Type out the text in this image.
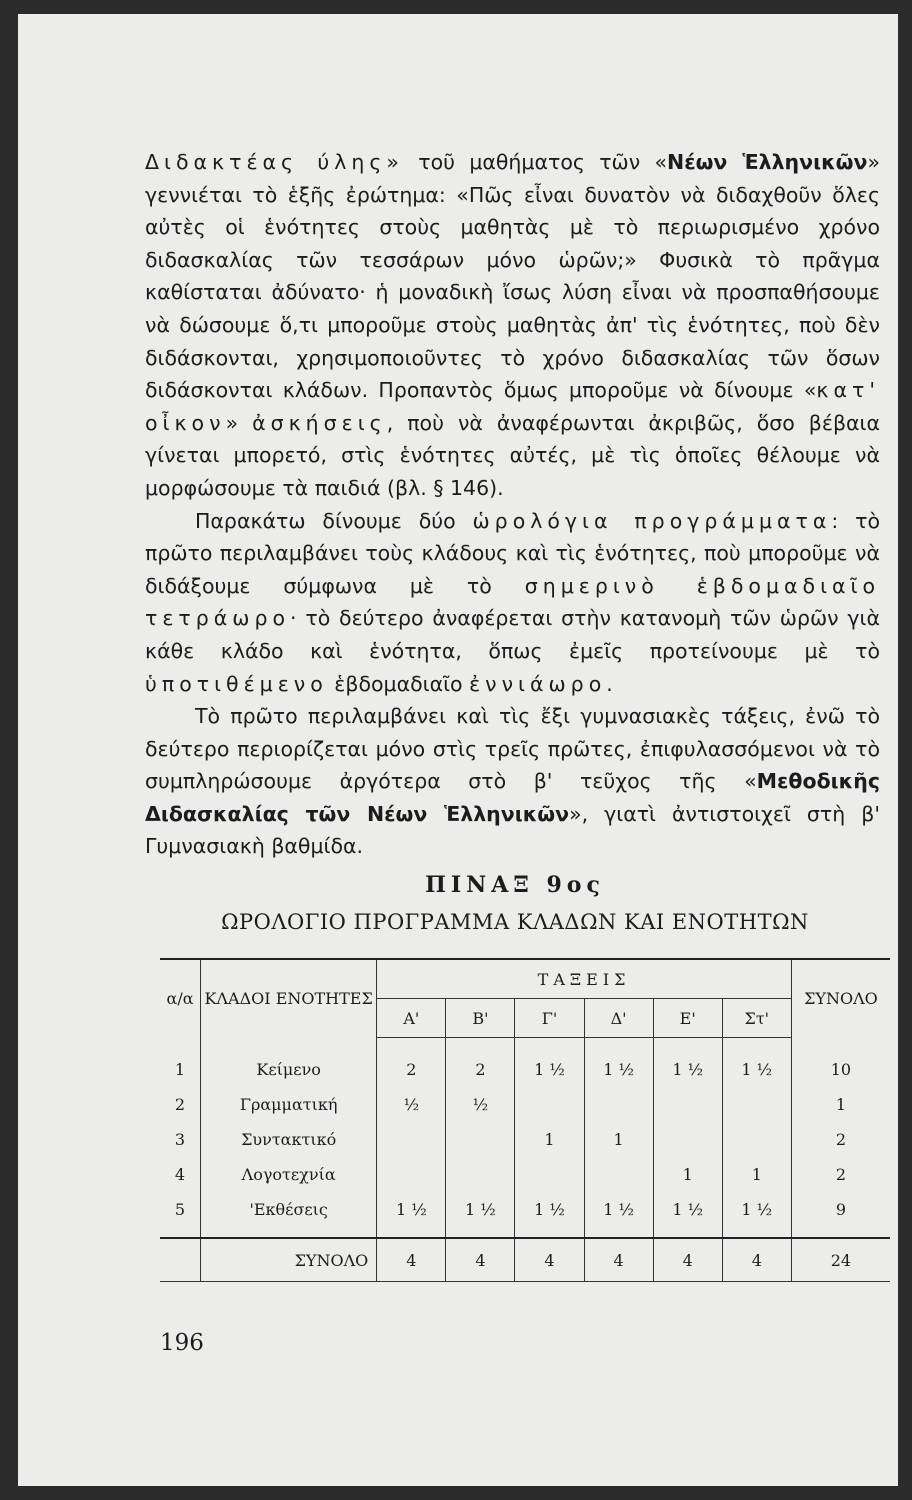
Διδακτέας ύλης» τοῦ μαθήματος τῶν «Νέων Ἑλληνικῶν» γεννιέται τὸ ἑξῆς ἐρώτημα: «Πῶς εἶναι δυνατὸν νὰ διδαχθοῦν ὅλες αὐτὲς οἱ ἑνότητες στοὺς μαθητὰς μὲ τὸ περιωρισμένο χρόνο διδασκαλίας τῶν τεσσάρων μόνο ὡρῶν;» Φυσικὰ τὸ πρᾶγμα καθίσταται ἀδύνατο· ἡ μοναδικὴ ἴσως λύση εἶναι νὰ προσπαθήσουμε νὰ δώσουμε ὅ,τι μποροῦμε στοὺς μαθητὰς ἀπ' τὶς ἑνότητες, ποὺ δὲν διδάσκονται, χρησιμοποιοῦντες τὸ χρόνο διδασκαλίας τῶν ὅσων διδάσκονται κλάδων. Προπαντὸς ὅμως μποροῦμε νὰ δίνουμε «κατ' οἶκον» ἀσκήσεις, ποὺ νὰ ἀναφέρωνται ἀκριβῶς, ὅσο βέβαια γίνεται μπορετό, στὶς ἑνότητες αὐτές, μὲ τὶς ὁποῖες θέλουμε νὰ μορφώσουμε τὰ παιδιά (βλ. § 146).

Παρακάτω δίνουμε δύο ὡρολόγια προγράμματα: τὸ πρῶτο περιλαμβάνει τοὺς κλάδους καὶ τὶς ἑνότητες, ποὺ μποροῦμε νὰ διδάξουμε σύμφωνα μὲ τὸ σημερινὸ ἑβδομαδιαῖο τετράωρο· τὸ δεύτερο ἀναφέρεται στὴν κατανομὴ τῶν ὡρῶν γιὰ κάθε κλάδο καὶ ἑνότητα, ὅπως ἐμεῖς προτείνουμε μὲ τὸ ὑποτιθέμενο ἑβδομαδιαῖο ἐννιάωρο.

Τὸ πρῶτο περιλαμβάνει καὶ τὶς ἔξι γυμνασιακὲς τάξεις, ἐνῶ τὸ δεύτερο περιορίζεται μόνο στὶς τρεῖς πρῶτες, ἐπιφυλασσόμενοι νὰ τὸ συμπληρώσουμε ἀργότερα στὸ β' τεῦχος τῆς «Μεθοδικῆς Διδασκαλίας τῶν Νέων Ἑλληνικῶν», γιατὶ ἀντιστοιχεῖ στὴ β' Γυμνασιακὴ βαθμίδα.

ΠΙΝΑΞ 9ος
ΩΡΟΛΟΓΙΟ ΠΡΟΓΡΑΜΜΑ ΚΛΑΔΩΝ ΚΑΙ ΕΝΟΤΗΤΩΝ
α/α	ΚΛΑΔΟΙ ΕΝΟΤΗΤΕΣ	ΤΑΞΕΙΣ						ΣΥΝΟΛΟ
		Α'	Β'	Γ'	Δ'	Ε'	Στ'	
1	Κείμενο	2	2	1 ½	1 ½	1 ½	1 ½	10
2	Γραμματική	½	½					1
3	Συντακτικό			1	1			2
4	Λογοτεχνία					1	1	2
5	'Εκθέσεις	1 ½	1 ½	1 ½	1 ½	1 ½	1 ½	9
	ΣΥΝΟΛΟ	4	4	4	4	4	4	24
196
